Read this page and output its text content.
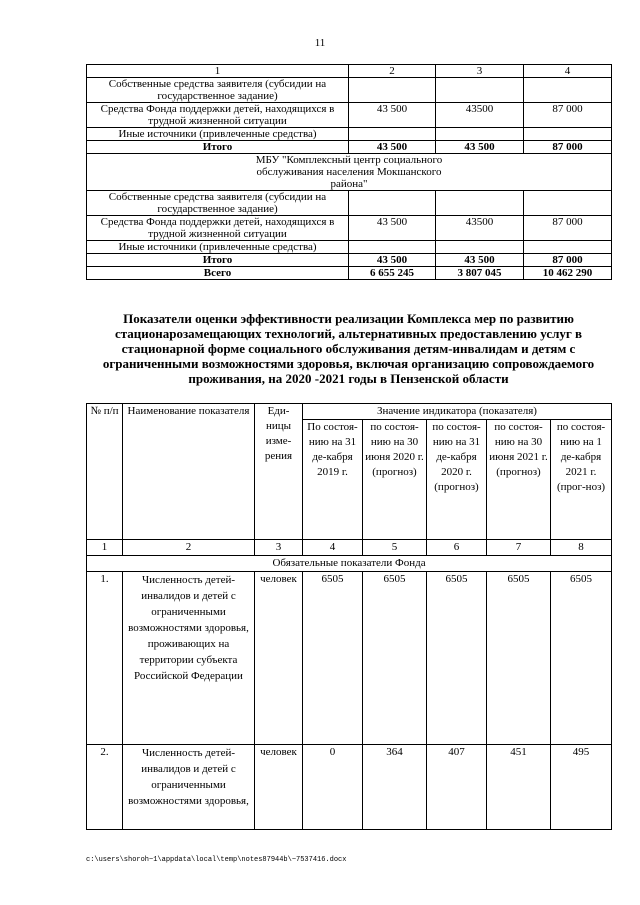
11
1	2	3	4
Собственные средства заявителя (субсидии на государственное задание)			
Средства Фонда поддержки детей, находящихся в трудной жизненной ситуации	43 500	43500	87 000
Иные источники (привлеченные средства)			
Итого	43 500	43 500	87 000
МБУ "Комплексный центр социального обслуживания населения Мокшанского района"			
Собственные средства заявителя (субсидии на государственное задание)			
Средства Фонда поддержки детей, находящихся в трудной жизненной ситуации	43 500	43500	87 000
Иные источники (привлеченные средства)			
Итого	43 500	43 500	87 000
Всего	6 655 245	3 807 045	10 462 290
Показатели оценки эффективности реализации Комплекса мер по развитию стационарозамещающих технологий, альтернативных предоставлению услуг в стационарной форме социального обслуживания детям-инвалидам и детям с ограниченными возможностями здоровья, включая организацию сопровождаемого проживания, на 2020 -2021 годы в Пензенской области
№ п/п	Наименование показателя	Еди-ницы изме-рения	Значение индикатора (показателя)				
			По состоя-нию на 31 де-кабря 2019 г.	по состоя-нию на 30 июня 2020 г. (прогноз)	по состоя-нию на 31 де-кабря 2020 г. (прогноз)	по состоя-нию на 30 июня 2021 г. (прогноз)	по состоя-нию на 1 де-кабря 2021 г. (прог-ноз)
1	2	3	4	5	6	7	8
Обязательные показатели Фонда							
1.	Численность детей-инвалидов и детей с ограниченными возможностями здоровья, проживающих на территории субъекта Российской Федерации	человек	6505	6505	6505	6505	6505
2.	Численность детей-инвалидов и детей с ограниченными возможностями здоровья,	человек	0	364	407	451	495
c:\users\shoroh~1\appdata\local\temp\notes87944b\~7537416.docx
